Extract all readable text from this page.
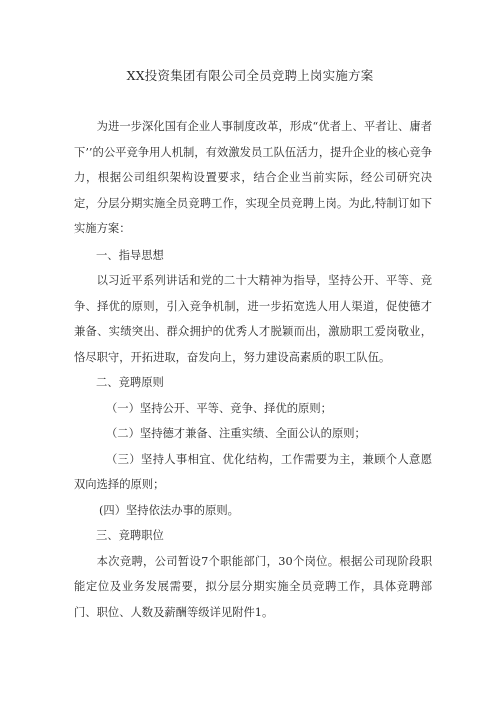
XX投资集团有限公司全员竞聘上岗实施方案

为进一步深化国有企业人事制度改革，形成“优者上、平者让、庸者下’’的公平竞争用人机制，有效激发员工队伍活力，提升企业的核心竞争力，根据公司组织架构设置要求，结合企业当前实际，经公司研究决定，分层分期实施全员竞聘工作，实现全员竞聘上岗。为此,特制订如下实施方案：

一、指导思想

以习近平系列讲话和党的二十大精神为指导，坚持公开、平等、竞争、择优的原则，引入竞争机制，进一步拓宽选人用人渠道，促使德才兼备、实绩突出、群众拥护的优秀人才脱颖而出，激励职工爱岗敬业，恪尽职守，开拓进取，奋发向上，努力建设高素质的职工队伍。

二、竞聘原则

（一）坚持公开、平等、竞争、择优的原则；

（二）坚持德才兼备、注重实绩、全面公认的原则；

（三）坚持人事相宜、优化结构，工作需要为主，兼顾个人意愿双向选择的原则；

(四）坚持依法办事的原则。

三、竞聘职位

本次竞聘，公司暂设7个职能部门，30个岗位。根据公司现阶段职能定位及业务发展需要，拟分层分期实施全员竞聘工作，具体竞聘部门、职位、人数及薪酬等级详见附件1。
